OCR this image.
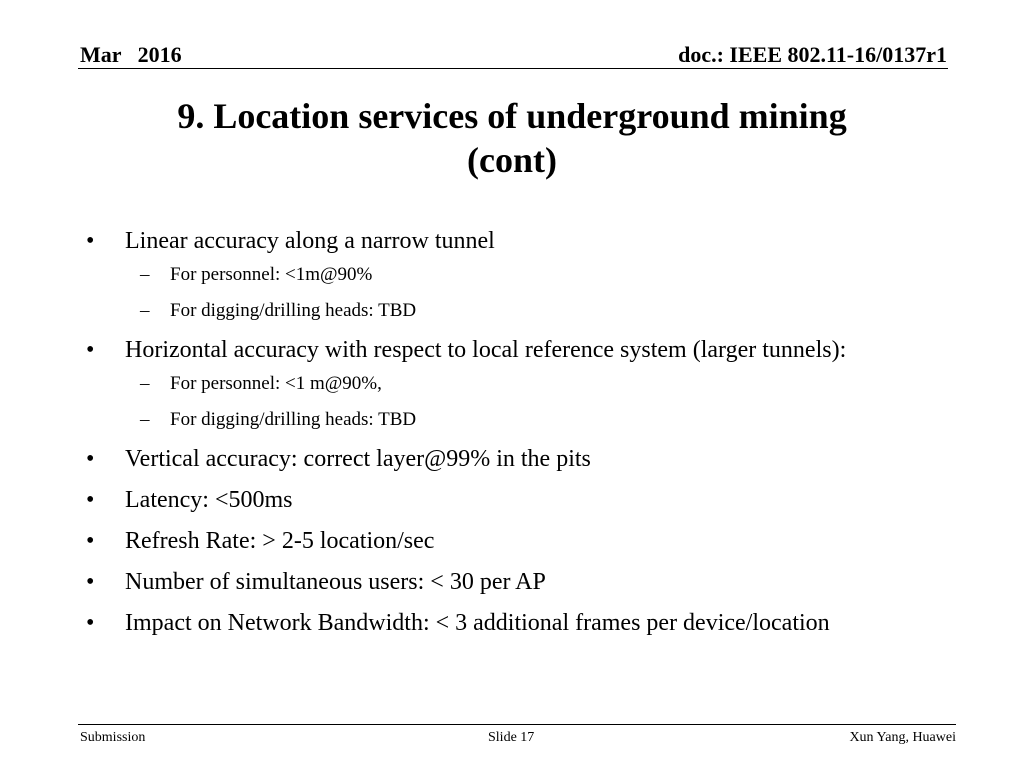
Mar   2016	doc.: IEEE 802.11-16/0137r1
9. Location services of underground mining
(cont)
• Linear accuracy along a narrow tunnel
– For personnel: <1m@90%
– For digging/drilling heads: TBD
• Horizontal accuracy with respect to local reference system (larger tunnels):
– For personnel: <1 m@90%,
– For digging/drilling heads: TBD
• Vertical accuracy: correct layer@99% in the pits
• Latency: <500ms
• Refresh Rate: > 2-5 location/sec
• Number of simultaneous users: < 30 per AP
• Impact on Network Bandwidth: < 3 additional frames per device/location
Submission	Slide 17	Xun Yang, Huawei
